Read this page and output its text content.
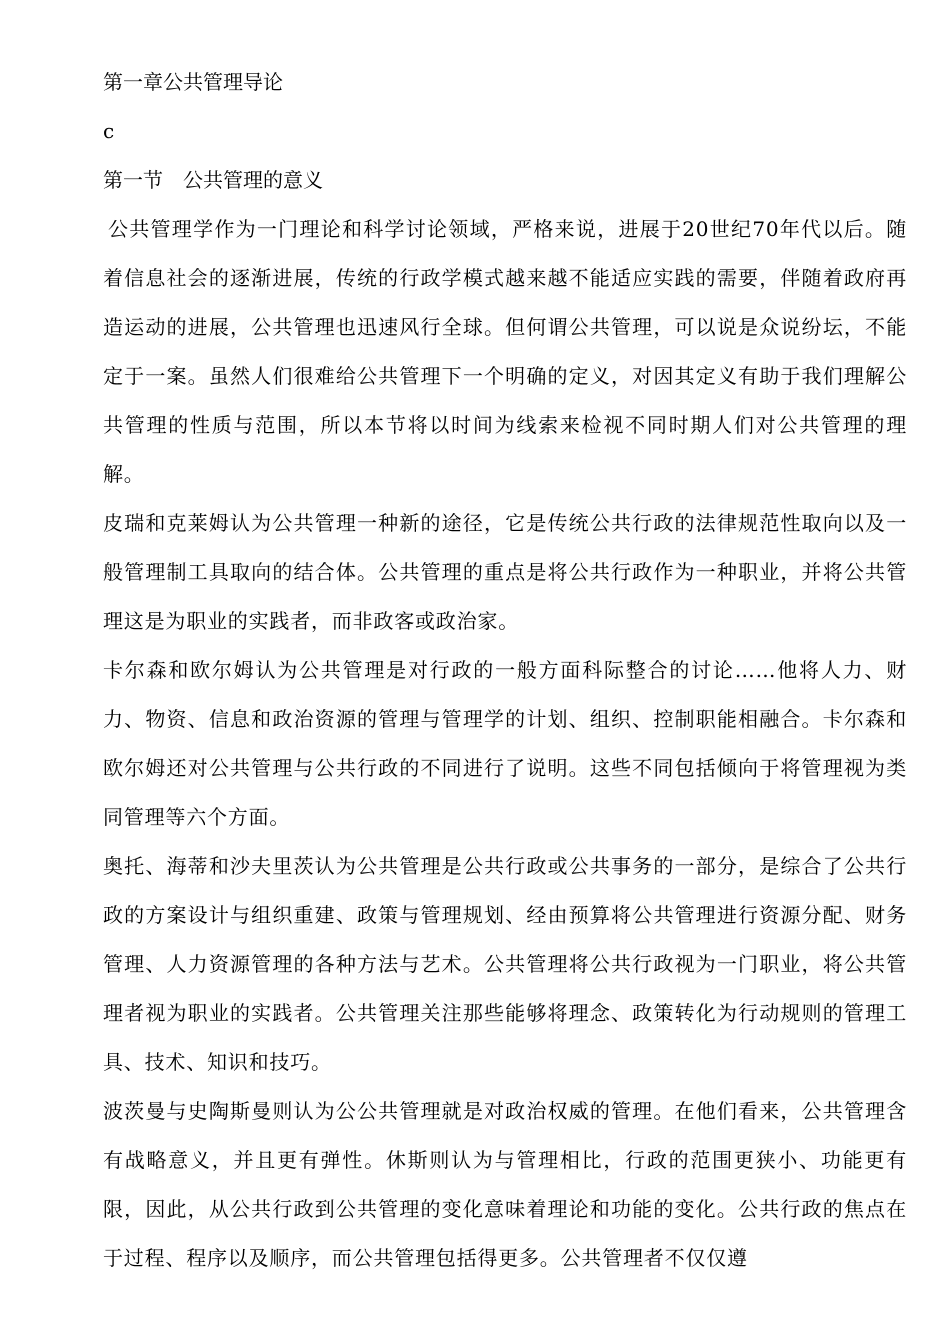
第一章公共管理导论

c

第一节　公共管理的意义

公共管理学作为一门理论和科学讨论领域，严格来说，进展于20世纪70年代以后。随着信息社会的逐渐进展，传统的行政学模式越来越不能适应实践的需要，伴随着政府再造运动的进展，公共管理也迅速风行全球。但何谓公共管理，可以说是众说纷坛，不能定于一案。虽然人们很难给公共管理下一个明确的定义，对因其定义有助于我们理解公共管理的性质与范围，所以本节将以时间为线索来检视不同时期人们对公共管理的理解。

皮瑞和克莱姆认为公共管理一种新的途径，它是传统公共行政的法律规范性取向以及一般管理制工具取向的结合体。公共管理的重点是将公共行政作为一种职业，并将公共管理这是为职业的实践者，而非政客或政治家。

卡尔森和欧尔姆认为公共管理是对行政的一般方面科际整合的讨论……他将人力、财力、物资、信息和政治资源的管理与管理学的计划、组织、控制职能相融合。卡尔森和欧尔姆还对公共管理与公共行政的不同进行了说明。这些不同包括倾向于将管理视为类同管理等六个方面。

奥托、海蒂和沙夫里茨认为公共管理是公共行政或公共事务的一部分，是综合了公共行政的方案设计与组织重建、政策与管理规划、经由预算将公共管理进行资源分配、财务管理、人力资源管理的各种方法与艺术。公共管理将公共行政视为一门职业，将公共管理者视为职业的实践者。公共管理关注那些能够将理念、政策转化为行动规则的管理工具、技术、知识和技巧。

波茨曼与史陶斯曼则认为公公共管理就是对政治权威的管理。在他们看来，公共管理含有战略意义，并且更有弹性。休斯则认为与管理相比，行政的范围更狭小、功能更有限，因此，从公共行政到公共管理的变化意味着理论和功能的变化。公共行政的焦点在于过程、程序以及顺序，而公共管理包括得更多。公共管理者不仅仅遵
